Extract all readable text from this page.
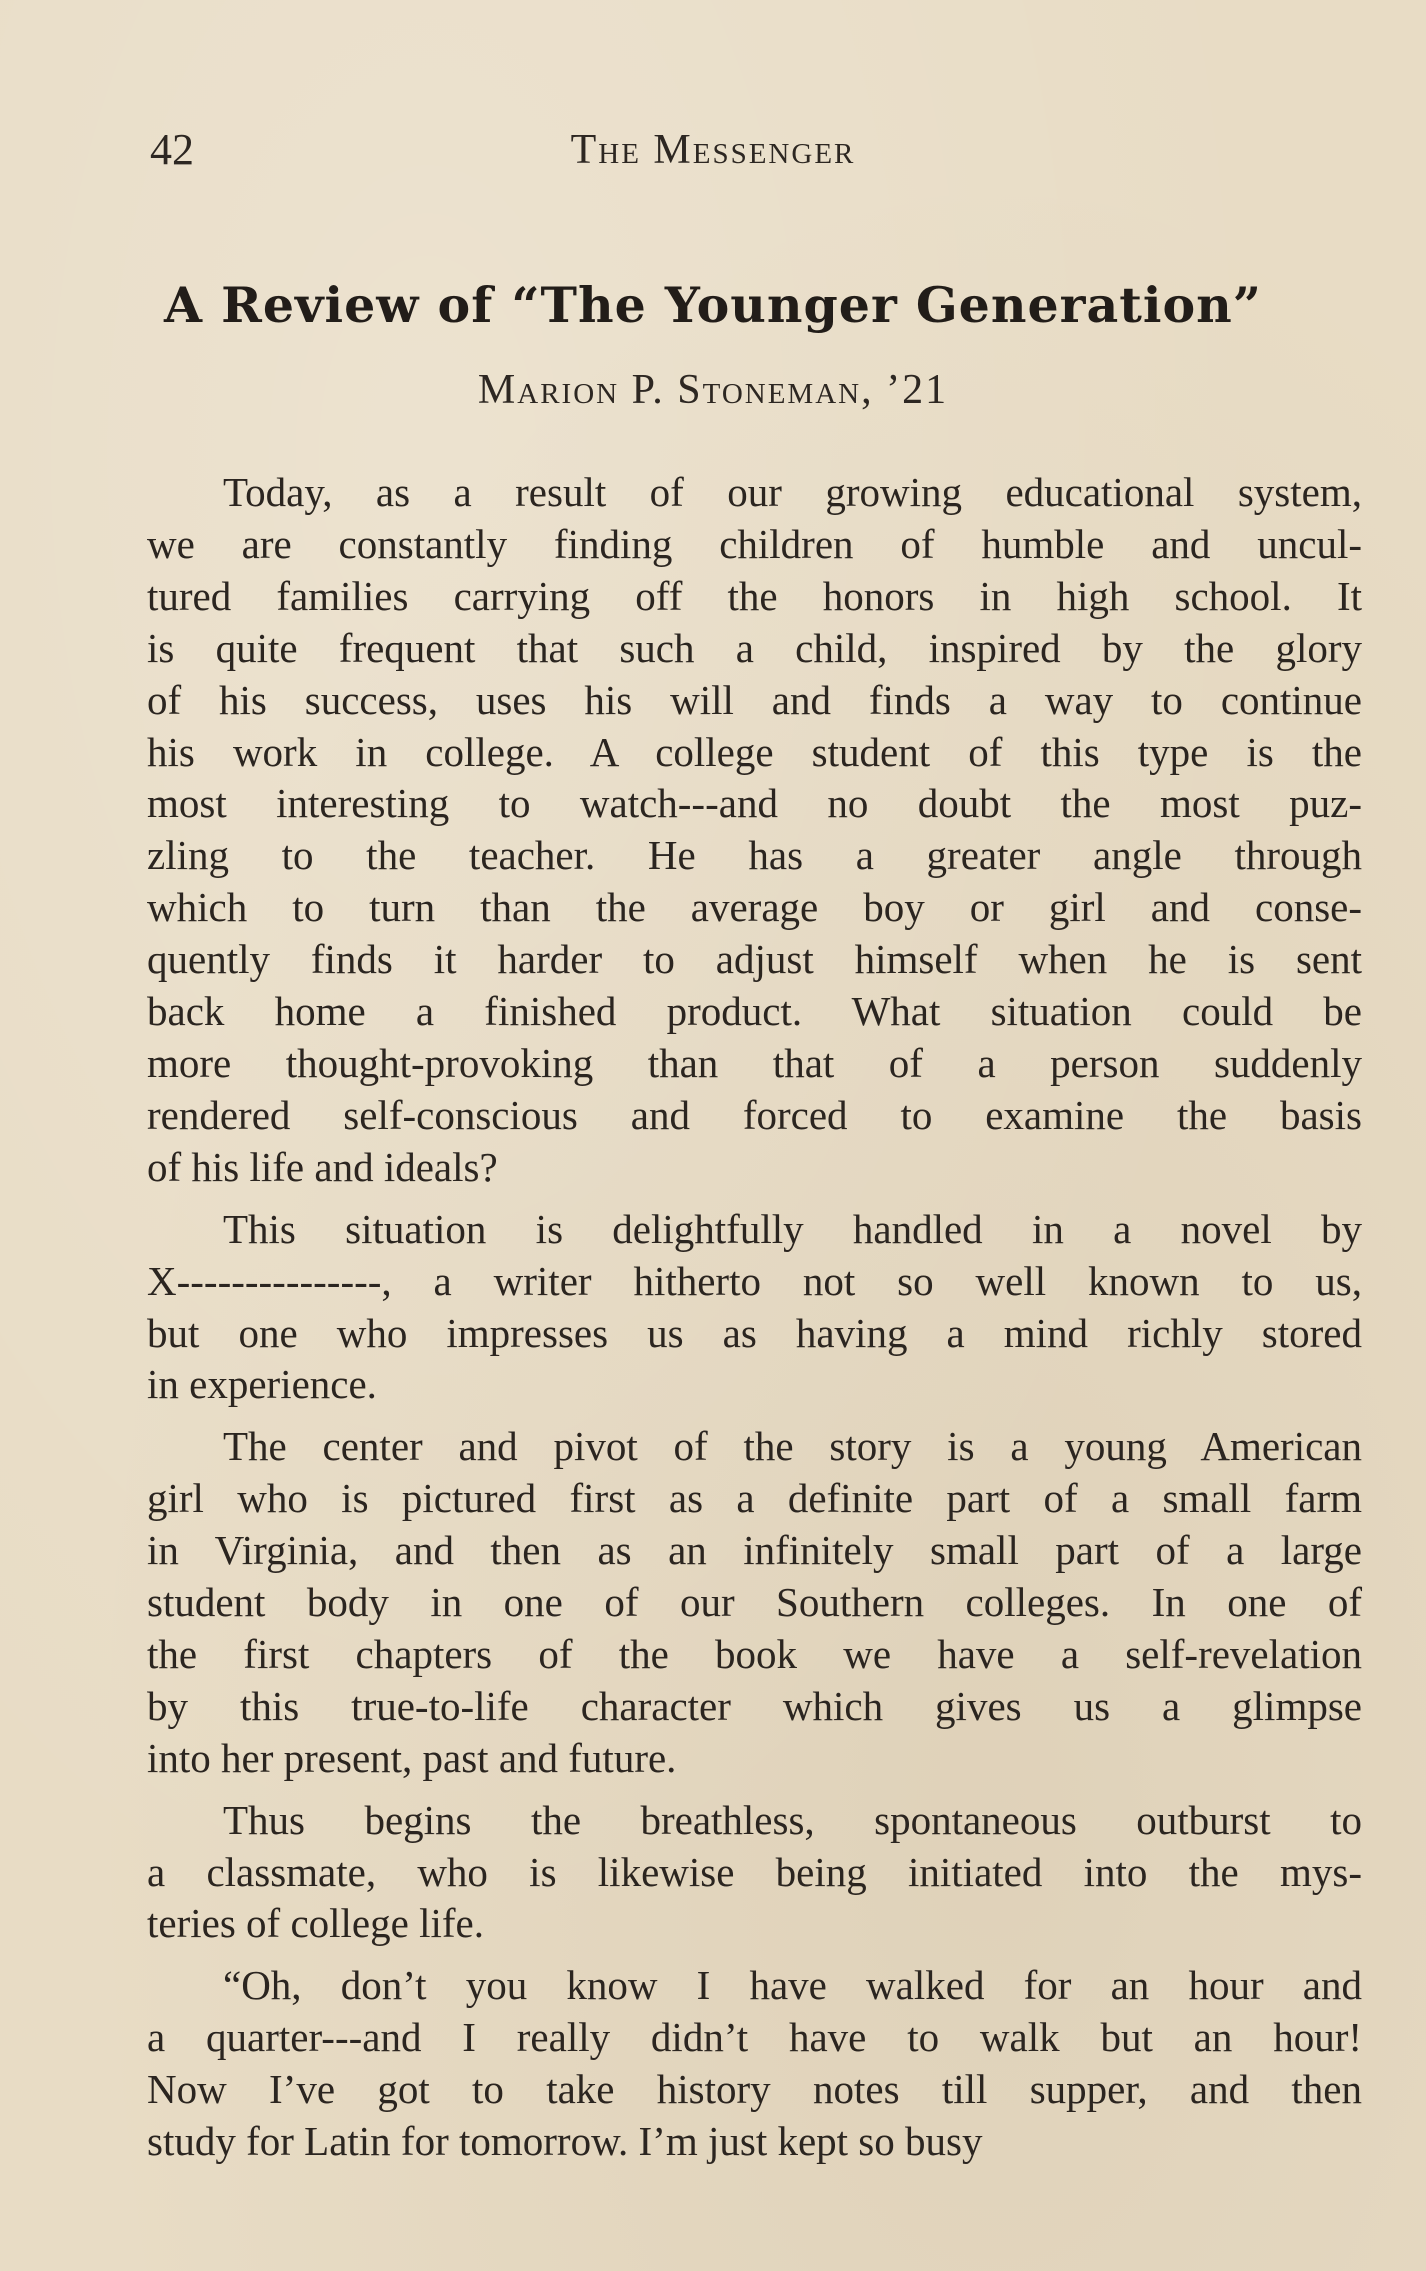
42	The Messenger
A Review of “The Younger Generation”
Marion P. Stoneman, ’21

Today, as a result of our growing educational system,
we are constantly finding children of humble and uncul-
tured families carrying off the honors in high school. It
is quite frequent that such a child, inspired by the glory
of his success, uses his will and finds a way to continue
his work in college. A college student of this type is the
most interesting to watch---and no doubt the most puz-
zling to the teacher. He has a greater angle through
which to turn than the average boy or girl and conse-
quently finds it harder to adjust himself when he is sent
back home a finished product. What situation could be
more thought-provoking than that of a person suddenly
rendered self-conscious and forced to examine the basis
of his life and ideals?

This situation is delightfully handled in a novel by
X---------------, a writer hitherto not so well known to us,
but one who impresses us as having a mind richly stored
in experience.

The center and pivot of the story is a young American
girl who is pictured first as a definite part of a small farm
in Virginia, and then as an infinitely small part of a large
student body in one of our Southern colleges. In one of
the first chapters of the book we have a self-revelation
by this true-to-life character which gives us a glimpse
into her present, past and future.

Thus begins the breathless, spontaneous outburst to
a classmate, who is likewise being initiated into the mys-
teries of college life.

“Oh, don’t you know I have walked for an hour and
a quarter---and I really didn’t have to walk but an hour!
Now I’ve got to take history notes till supper, and then
study for Latin for tomorrow. I’m just kept so busy
